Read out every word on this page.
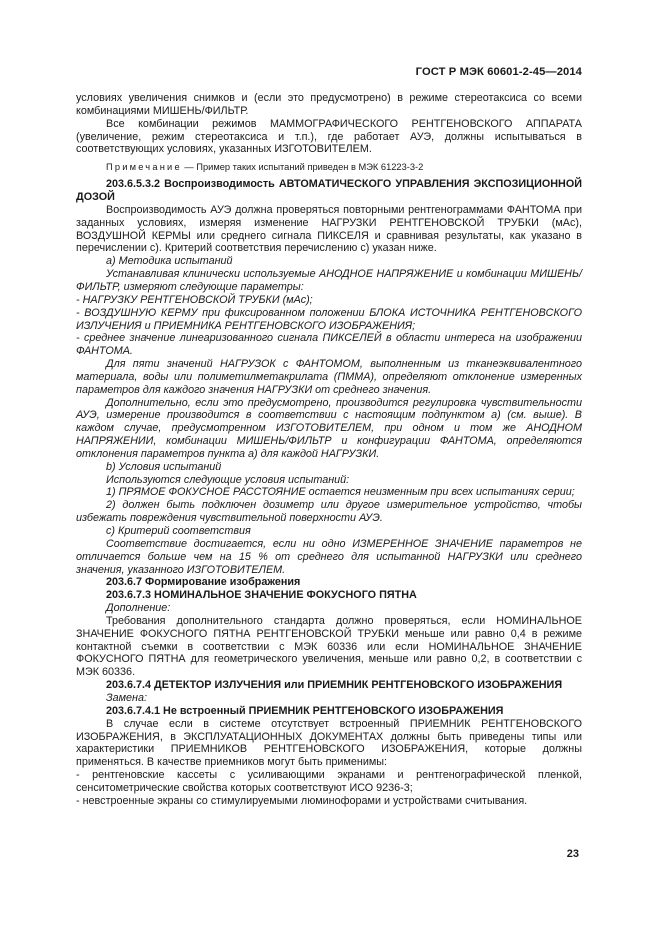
ГОСТ Р МЭК 60601-2-45—2014

условиях увеличения снимков и (если это предусмотрено) в режиме стереотаксиса со всеми комбинациями МИШЕНЬ/ФИЛЬТР.

Все комбинации режимов МАММОГРАФИЧЕСКОГО РЕНТГЕНОВСКОГО АППАРАТА (увеличение, режим стереотаксиса и т.п.), где работает АУЭ, должны испытываться в соответствующих условиях, указанных ИЗГОТОВИТЕЛЕМ.

Примечание — Пример таких испытаний приведен в МЭК 61223-3-2

203.6.5.3.2 Воспроизводимость АВТОМАТИЧЕСКОГО УПРАВЛЕНИЯ ЭКСПОЗИЦИОННОЙ ДОЗОЙ

Воспроизводимость АУЭ должна проверяться повторными рентгенограммами ФАНТОМА при заданных условиях, измеряя изменение НАГРУЗКИ РЕНТГЕНОВСКОЙ ТРУБКИ (мАс), ВОЗДУШНОЙ КЕРМЫ или среднего сигнала ПИКСЕЛЯ и сравнивая результаты, как указано в перечислении с). Критерий соответствия перечислению с) указан ниже.

a) Методика испытаний

Устанавливая клинически используемые АНОДНОЕ НАПРЯЖЕНИЕ и комбинации МИШЕНЬ/ФИЛЬТР, измеряют следующие параметры:

- НАГРУЗКУ РЕНТГЕНОВСКОЙ ТРУБКИ (мАс);

- ВОЗДУШНУЮ КЕРМУ при фиксированном положении БЛОКА ИСТОЧНИКА РЕНТГЕНОВСКОГО ИЗЛУЧЕНИЯ и ПРИЕМНИКА РЕНТГЕНОВСКОГО ИЗОБРАЖЕНИЯ;

- среднее значение линеаризованного сигнала ПИКСЕЛЕЙ в области интереса на изображении ФАНТОМА.

Для пяти значений НАГРУЗОК с ФАНТОМОМ, выполненным из тканеэквивалентного материала, воды или полиметилметакрилата (ПММА), определяют отклонение измеренных параметров для каждого значения НАГРУЗКИ от среднего значения.

Дополнительно, если это предусмотрено, производится регулировка чувствительности АУЭ, измерение производится в соответствии с настоящим подпунктом а) (см. выше). В каждом случае, предусмотренном ИЗГОТОВИТЕЛЕМ, при одном и том же АНОДНОМ НАПРЯЖЕНИИ, комбинации МИШЕНЬ/ФИЛЬТР и конфигурации ФАНТОМА, определяются отклонения параметров пункта а) для каждой НАГРУЗКИ.

b) Условия испытаний

Используются следующие условия испытаний:

1) ПРЯМОЕ ФОКУСНОЕ РАССТОЯНИЕ остается неизменным при всех испытаниях серии;

2) должен быть подключен дозиметр или другое измерительное устройство, чтобы избежать повреждения чувствительной поверхности АУЭ.

c) Критерий соответствия

Соответствие достигается, если ни одно ИЗМЕРЕННОЕ ЗНАЧЕНИЕ параметров не отличается больше чем на 15 % от среднего для испытанной НАГРУЗКИ или среднего значения, указанного ИЗГОТОВИТЕЛЕМ.

203.6.7 Формирование изображения

203.6.7.3 НОМИНАЛЬНОЕ ЗНАЧЕНИЕ ФОКУСНОГО ПЯТНА

Дополнение:

Требования дополнительного стандарта должно проверяться, если НОМИНАЛЬНОЕ ЗНАЧЕНИЕ ФОКУСНОГО ПЯТНА РЕНТГЕНОВСКОЙ ТРУБКИ меньше или равно 0,4 в режиме контактной съемки в соответствии с МЭК 60336 или если НОМИНАЛЬНОЕ ЗНАЧЕНИЕ ФОКУСНОГО ПЯТНА для геометрического увеличения, меньше или равно 0,2, в соответствии с МЭК 60336.

203.6.7.4 ДЕТЕКТОР ИЗЛУЧЕНИЯ или ПРИЕМНИК РЕНТГЕНОВСКОГО ИЗОБРАЖЕНИЯ

Замена:

203.6.7.4.1 Не встроенный ПРИЕМНИК РЕНТГЕНОВСКОГО ИЗОБРАЖЕНИЯ

В случае если в системе отсутствует встроенный ПРИЕМНИК РЕНТГЕНОВСКОГО ИЗОБРАЖЕНИЯ, в ЭКСПЛУАТАЦИОННЫХ ДОКУМЕНТАХ должны быть приведены типы или характеристики ПРИЕМНИКОВ РЕНТГЕНОВСКОГО ИЗОБРАЖЕНИЯ, которые должны применяться. В качестве приемников могут быть применимы:

- рентгеновские кассеты с усиливающими экранами и рентгенографической пленкой, сенситометрические свойства которых соответствуют ИСО 9236-3;

- невстроенные экраны со стимулируемыми люминофорами и устройствами считывания.

23
